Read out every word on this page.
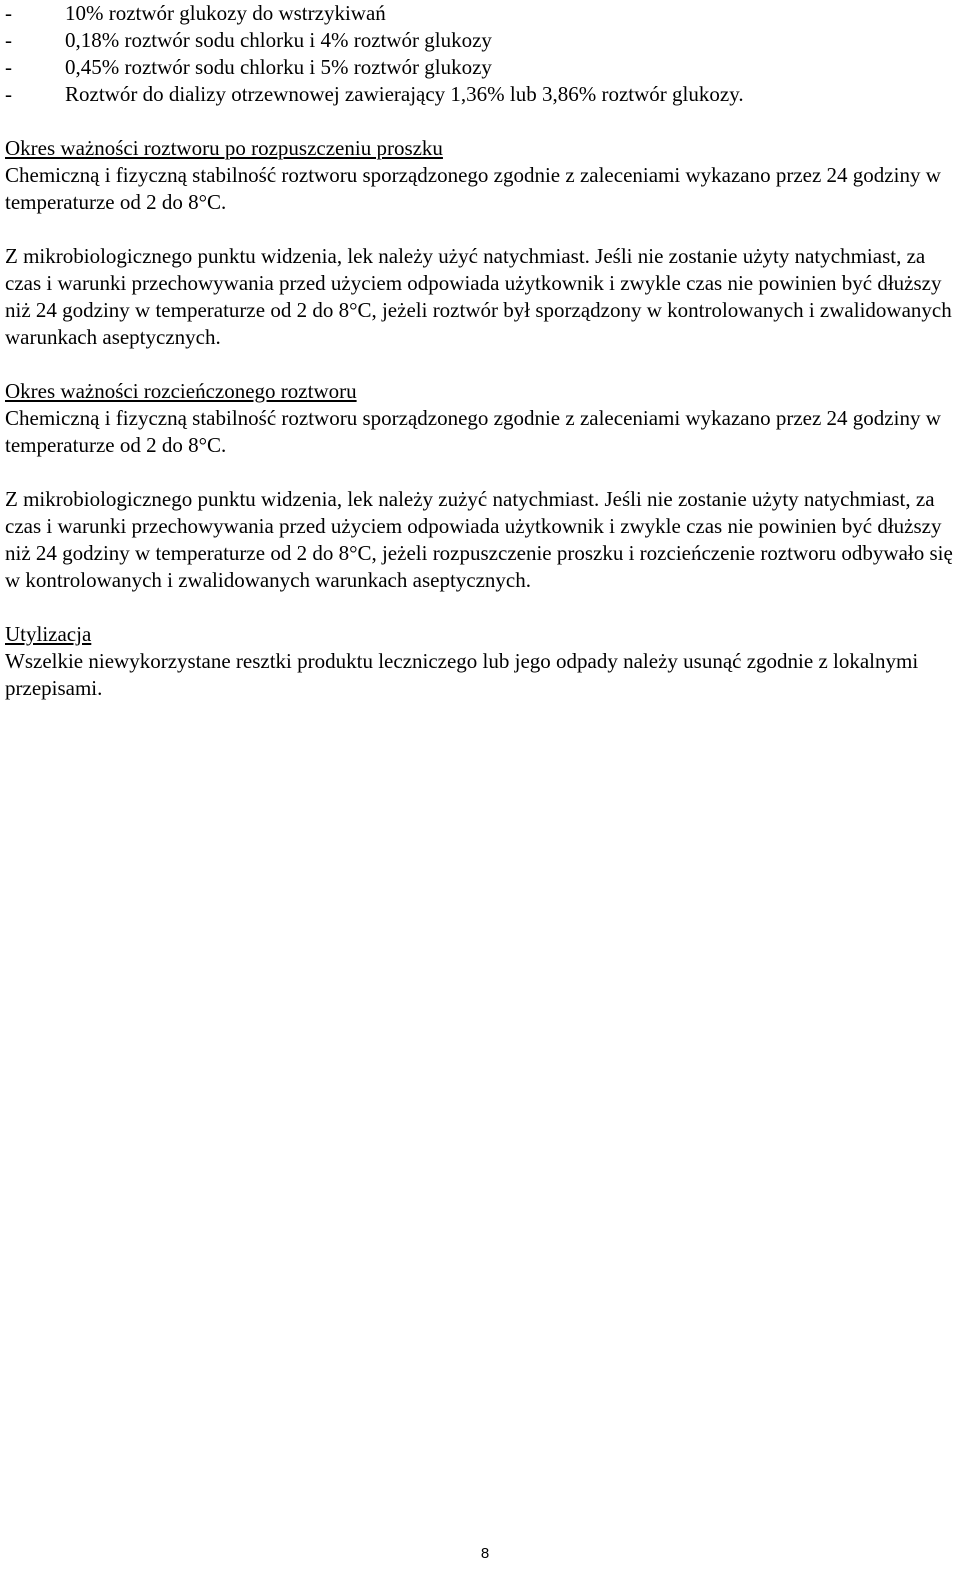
-	10% roztwór glukozy do wstrzykiwań
-	0,18% roztwór sodu chlorku i 4% roztwór glukozy
-	0,45% roztwór sodu chlorku i 5% roztwór glukozy
-	Roztwór do dializy otrzewnowej zawierający 1,36% lub 3,86% roztwór glukozy.
Okres ważności roztworu po rozpuszczeniu proszku

Chemiczną i fizyczną stabilność roztworu sporządzonego zgodnie z zaleceniami wykazano przez 24 godziny w temperaturze od 2 do 8°C.

Z mikrobiologicznego punktu widzenia, lek należy użyć natychmiast. Jeśli nie zostanie użyty natychmiast, za czas i warunki przechowywania przed użyciem odpowiada użytkownik i zwykle czas nie powinien być dłuższy niż 24 godziny w temperaturze od 2 do 8°C, jeżeli roztwór był sporządzony w kontrolowanych i zwalidowanych warunkach aseptycznych.

Okres ważności rozcieńczonego roztworu

Chemiczną i fizyczną stabilność roztworu sporządzonego zgodnie z zaleceniami wykazano przez 24 godziny w temperaturze od 2 do 8°C.

Z mikrobiologicznego punktu widzenia, lek należy zużyć natychmiast. Jeśli nie zostanie użyty natychmiast, za czas i warunki przechowywania przed użyciem odpowiada użytkownik i zwykle czas nie powinien być dłuższy niż 24 godziny w temperaturze od 2 do 8°C, jeżeli rozpuszczenie proszku i rozcieńczenie roztworu odbywało się w kontrolowanych i zwalidowanych warunkach aseptycznych.

Utylizacja

Wszelkie niewykorzystane resztki produktu leczniczego lub jego odpady należy usunąć zgodnie z lokalnymi przepisami.

8
